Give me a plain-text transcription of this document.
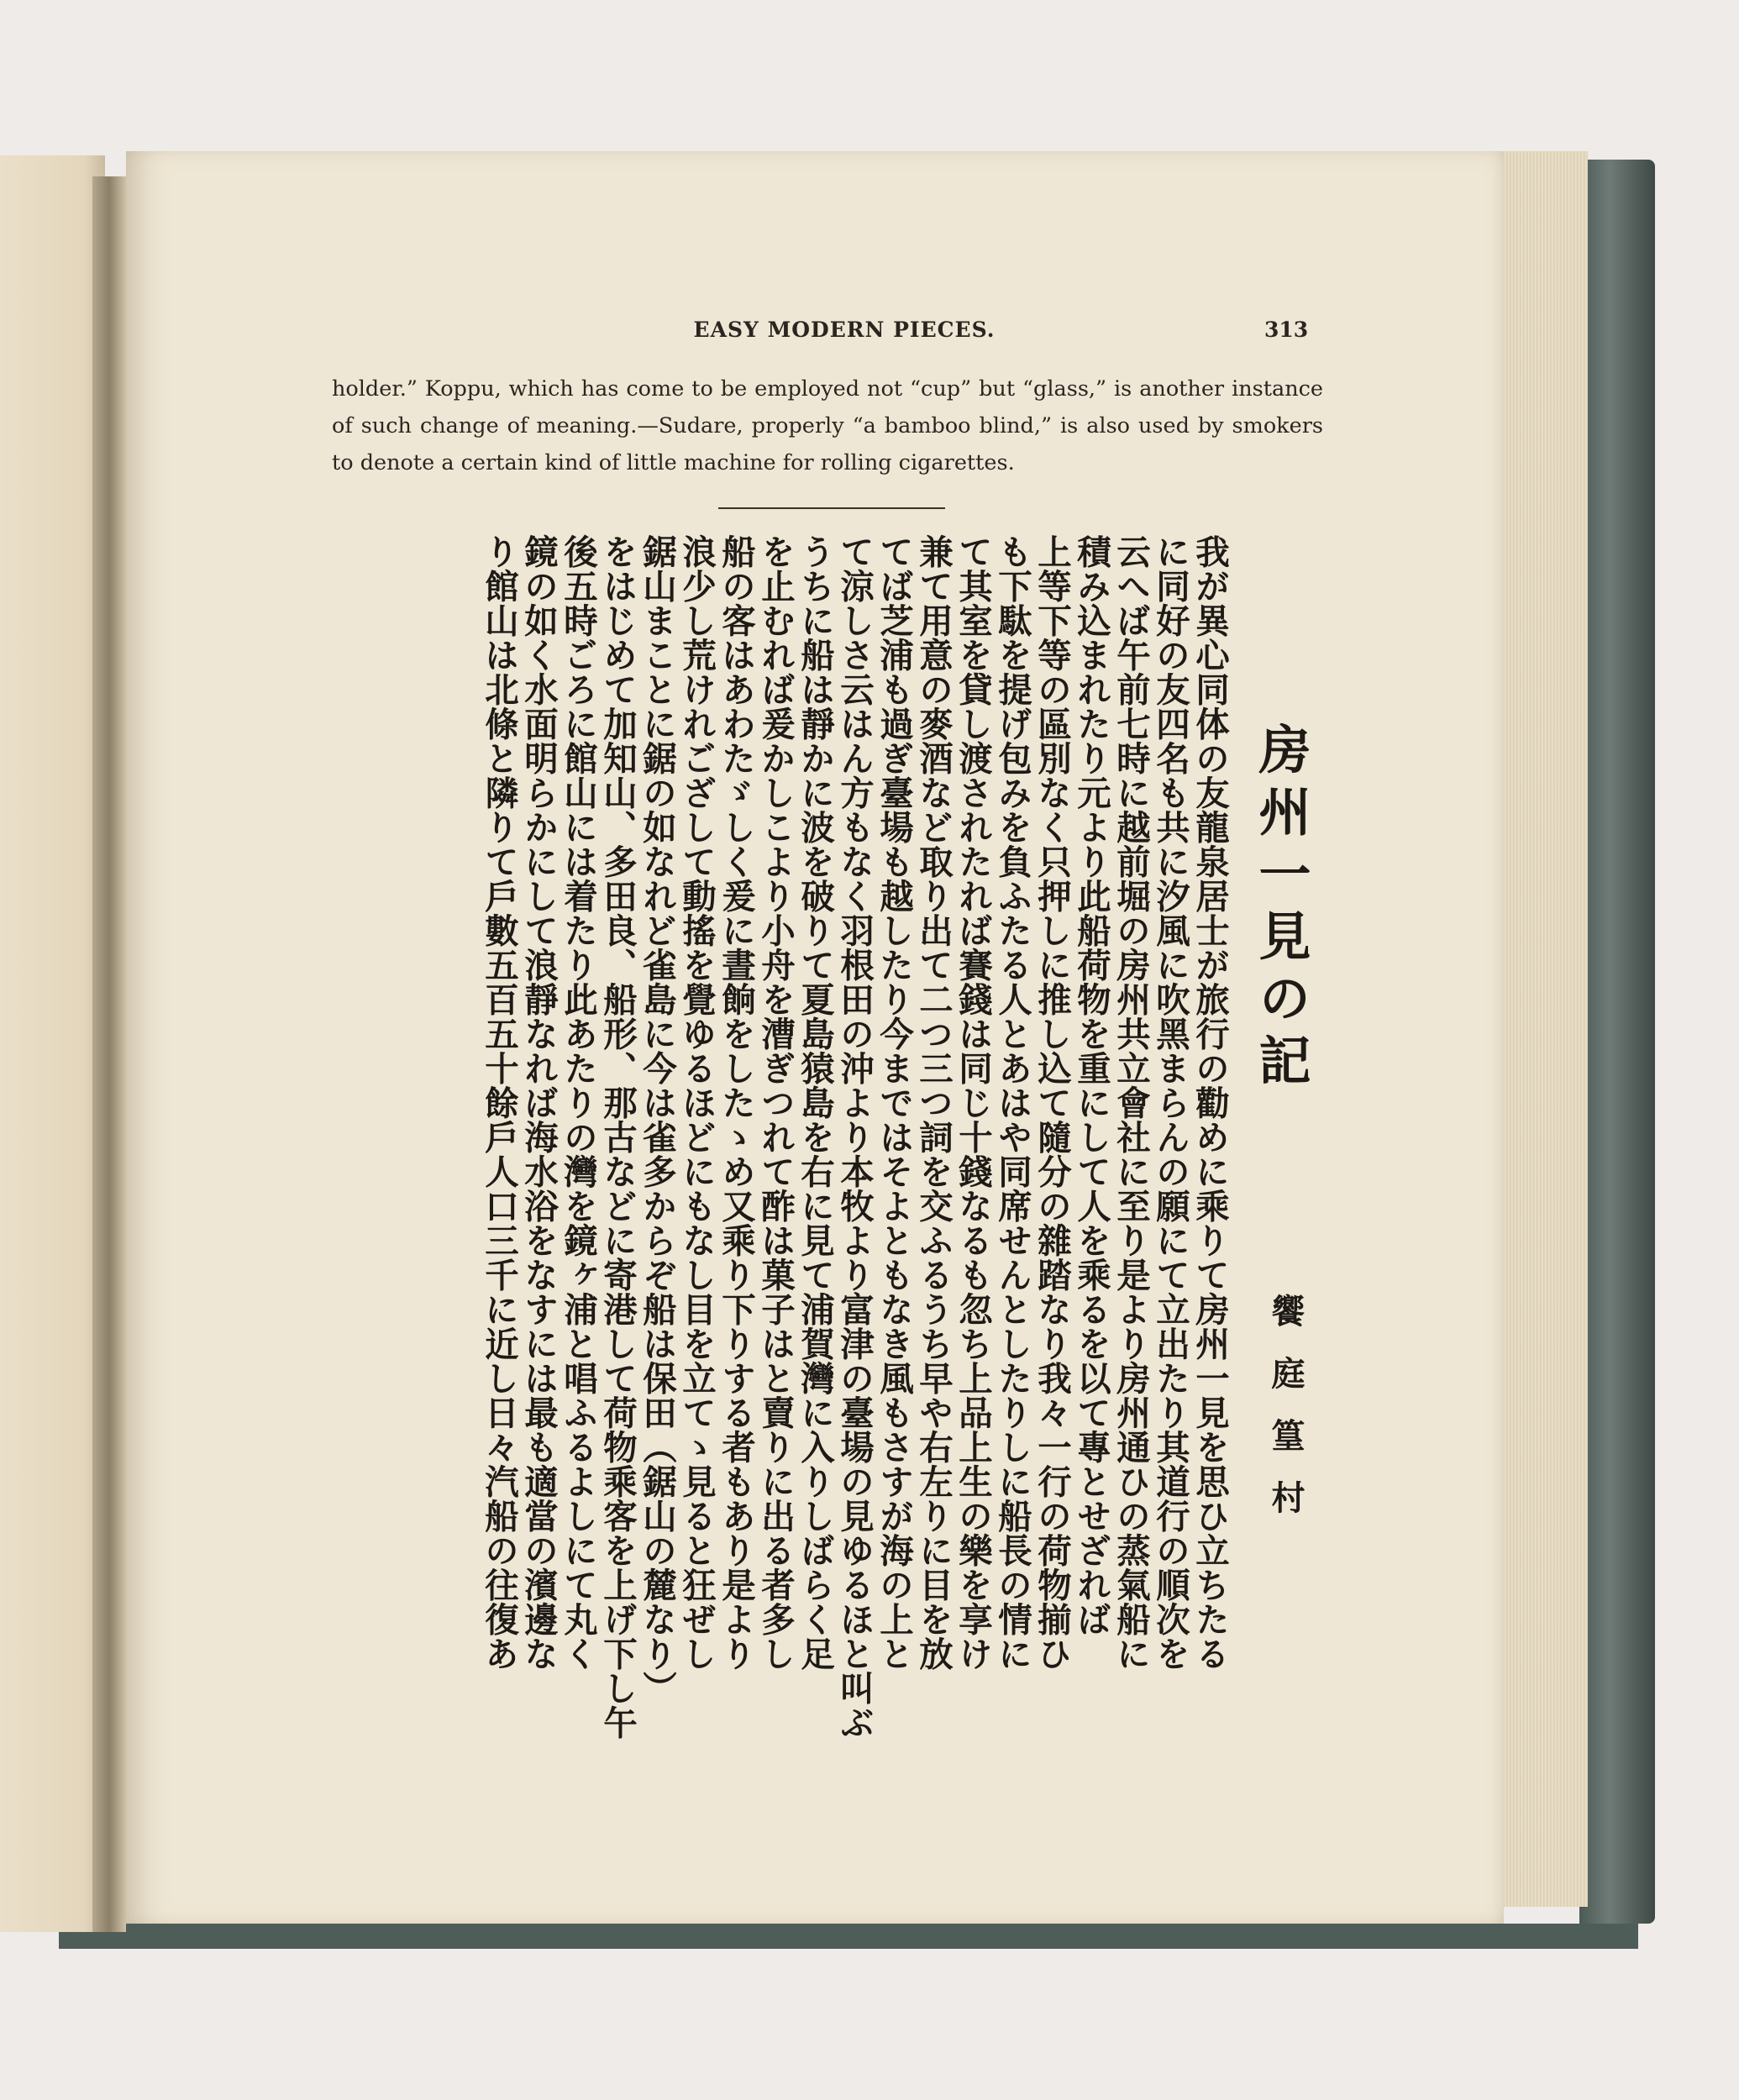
EASY MODERN PIECES.	313
holder.” Koppu, which has come to be employed not “cup” but “glass,” is another instance
of such change of meaning.—Sudare, properly “a bamboo blind,” is also used by smokers
to denote a certain kind of little machine for rolling cigarettes.
房州一見の記
饗庭篁村
我が異心同体の友龍泉居士が旅行の勸めに乘りて房州一見を思ひ立ちたる
に同好の友四名も共に汐風に吹黑まらんの願にて立出たり其道行の順次を
云へば午前七時に越前堀の房州共立會社に至り是より房州通ひの蒸氣船に
積み込まれたり元より此船荷物を重にして人を乘るを以て專とせざれば
上等下等の區別なく只押しに推し込て隨分の雜踏なり我々一行の荷物揃ひ
も下駄を提げ包みを負ふたる人とあはや同席せんとしたりしに船長の情に
て其室を貸し渡されたれば賽錢は同じ十錢なるも忽ち上品上生の樂を享け
兼て用意の麥酒など取り出て二つ三つ詞を交ふるうち早や右左りに目を放
てば芝浦も過ぎ臺場も越したり今まではそよともなき風もさすが海の上と
て涼しさ云はん方もなく羽根田の沖より本牧より富津の臺場の見ゆるほと叫ぶ
うちに船は靜かに波を破りて夏島猿島を右に見て浦賀灣に入りしばらく足
を止むれば爰かしこより小舟を漕ぎつれて酢は菓子はと賣りに出る者多し
船の客はあわたゞしく爰に晝餉をしたゝめ又乘り下りする者もあり是より
浪少し荒けれござして動搖を覺ゆるほどにもなし目を立てゝ見ると狂ぜし
鋸山まことに鋸の如なれど雀島に今は雀多からぞ船は保田（鋸山の麓なり）
をはじめて加知山、多田良、船形、那古などに寄港して荷物乘客を上げ下し午
後五時ごろに館山には着たり此あたりの灣を鏡ヶ浦と唱ふるよしにて丸く
鏡の如く水面明らかにして浪靜なれば海水浴をなすには最も適當の濱邊な
り館山は北條と隣りて戶數五百五十餘戶人口三千に近し日々汽船の往復あ
